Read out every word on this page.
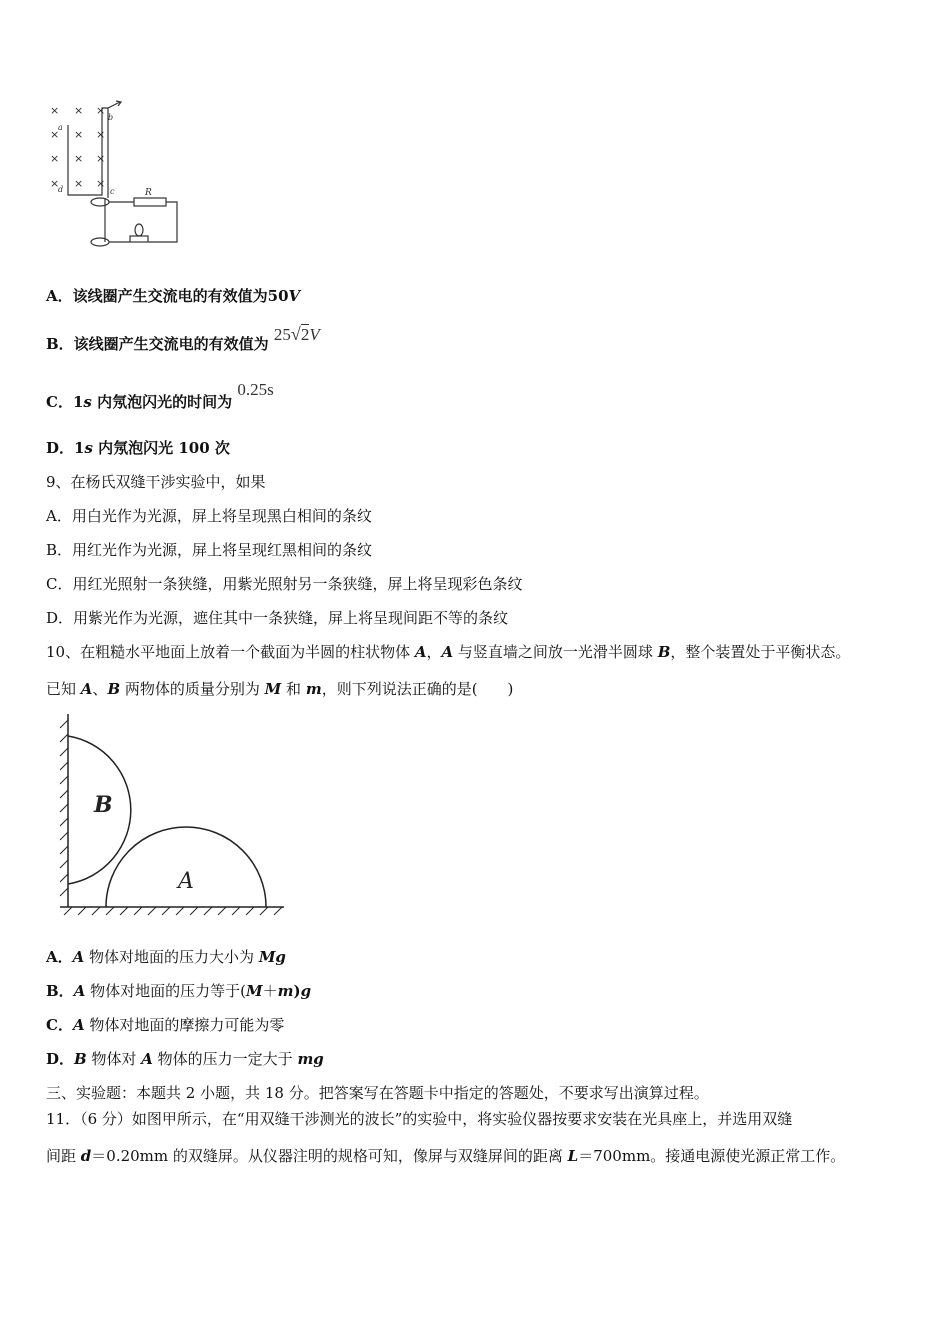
× × ×
× × ×
× × ×
× × ×
a
b
c
d	R
A．该线圈产生交流电的有效值为50V
B．该线圈产生交流电的有效值为 25√2V
C．1s 内氖泡闪光的时间为 0.25s
D．1s 内氖泡闪光 100 次
9、在杨氏双缝干涉实验中，如果
A．用白光作为光源，屏上将呈现黑白相间的条纹
B．用红光作为光源，屏上将呈现红黑相间的条纹
C．用红光照射一条狭缝，用紫光照射另一条狭缝，屏上将呈现彩色条纹
D．用紫光作为光源，遮住其中一条狭缝，屏上将呈现间距不等的条纹
10、在粗糙水平地面上放着一个截面为半圆的柱状物体 A，A 与竖直墙之间放一光滑半圆球 B，整个装置处于平衡状态。
已知 A、B 两物体的质量分别为 M 和 m，则下列说法正确的是(　　)
B
A
A．A 物体对地面的压力大小为 Mg
B．A 物体对地面的压力等于(M＋m)g
C．A 物体对地面的摩擦力可能为零
D．B 物体对 A 物体的压力一定大于 mg
三、实验题：本题共 2 小题，共 18 分。把答案写在答题卡中指定的答题处，不要求写出演算过程。
11．（6 分）如图甲所示，在“用双缝干涉测光的波长”的实验中，将实验仪器按要求安装在光具座上，并选用双缝
间距 d＝0.20mm 的双缝屏。从仪器注明的规格可知，像屏与双缝屏间的距离 L＝700mm。接通电源使光源正常工作。
